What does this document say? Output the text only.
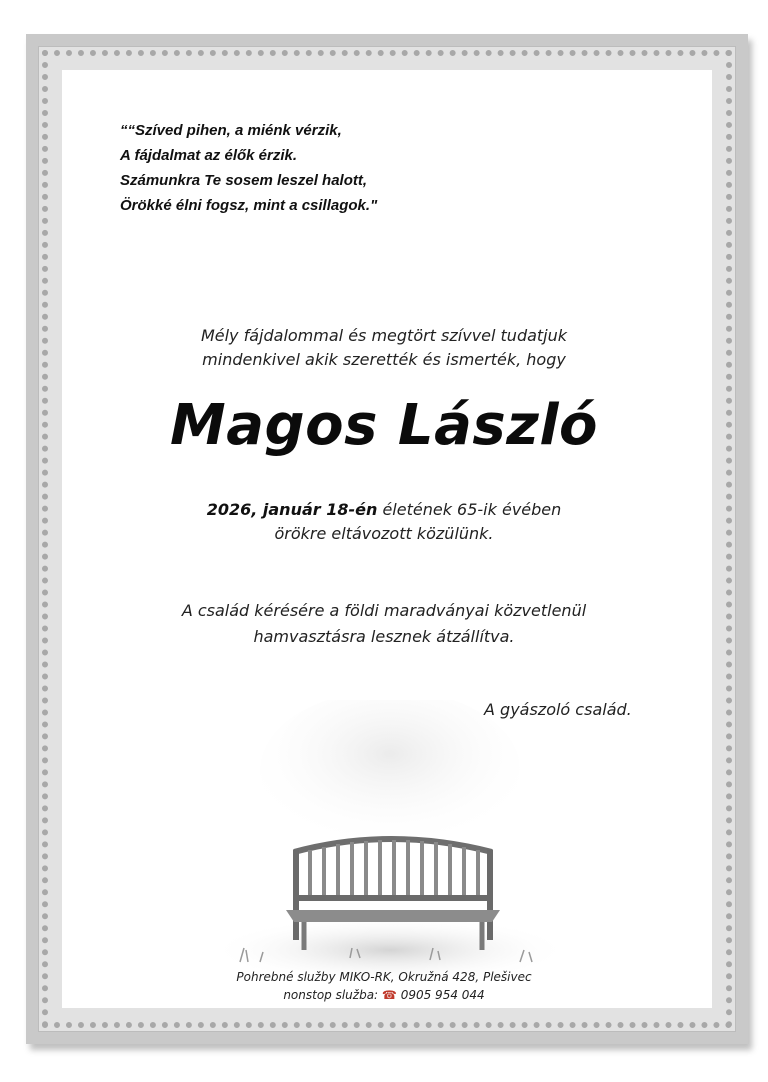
““Szíved pihen, a miénk vérzik,
A fájdalmat az élők érzik.
Számunkra Te sosem leszel halott,
Örökké élni fogsz, mint a csillagok."
Mély fájdalommal és megtört szívvel tudatjuk
mindenkivel akik szerették és ismerték, hogy
Magos László
2026, január 18-én életének 65-ik évében
örökre eltávozott közülünk.
A család kérésére a földi maradványai közvetlenül
hamvasztásra lesznek átzállítva.
A gyászoló család.
Pohrebné služby MIKO-RK, Okružná 428, Plešivec
nonstop služba: ☎ 0905 954 044
